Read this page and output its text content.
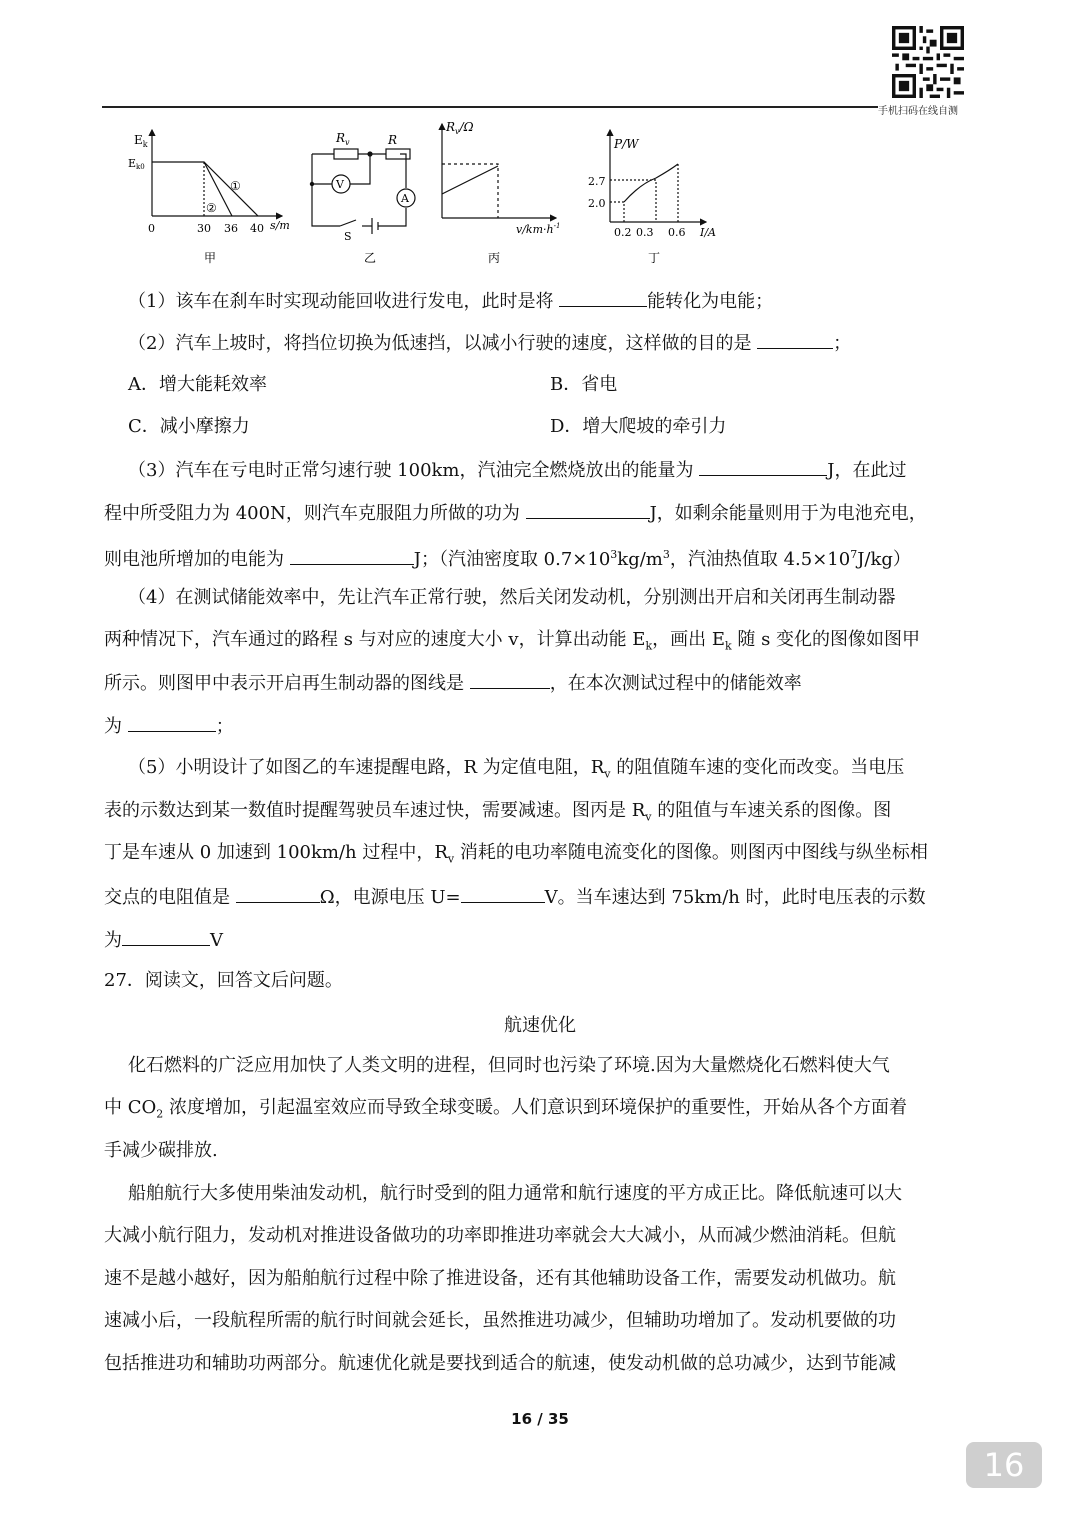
手机扫码在线自测
$E_k$
Ek0
0	30 36 40 s/m
①
②
甲
$R_v$	R
V
A
S
乙
$R_v/\Omega$
$v/km\cdot h^{-1}$
丙
P/W
2.7
2.0
0.2 0.3 0.6 I/A
丁
（1）该车在刹车时实现动能回收进行发电，此时是将	能转化为电能；
（2）汽车上坡时，将挡位切换为低速挡，以减小行驶的速度，这样做的目的是	；
A．增大能耗效率	B．省电
C．减小摩擦力	D．增大爬坡的牵引力
（3）汽车在亏电时正常匀速行驶 100km，汽油完全燃烧放出的能量为	J，在此过
程中所受阻力为 400N，则汽车克服阻力所做的功为	J，如剩余能量则用于为电池充电，
则电池所增加的电能为	J；（汽油密度取 $0.7\times 10^3kg/m^3$，汽油热值取 $4.5\times 10^7J/kg$）
（4）在测试储能效率中，先让汽车正常行驶，然后关闭发动机，分别测出开启和关闭再生制动器
两种情况下，汽车通过的路程 s 与对应的速度大小 v，计算出动能 $E_k$，画出 $E_k$ 随 s 变化的图像如图甲
所示。则图甲中表示开启再生制动器的图线是	，在本次测试过程中的储能效率
为	；
（5）小明设计了如图乙的车速提醒电路，R 为定值电阻，$R_v$ 的阻值随车速的变化而改变。当电压
表的示数达到某一数值时提醒驾驶员车速过快，需要减速。图丙是 $R_v$ 的阻值与车速关系的图像。图
丁是车速从 0 加速到 100km/h 过程中，$R_v$ 消耗的电功率随电流变化的图像。则图丙中图线与纵坐标相
交点的电阻值是	Ω，电源电压 U=	V。当车速达到 75km/h 时，此时电压表的示数
为	V
27．阅读文，回答文后问题。
航速优化
化石燃料的广泛应用加快了人类文明的进程，但同时也污染了环境.因为大量燃烧化石燃料使大气
中 $CO_2$ 浓度增加，引起温室效应而导致全球变暖。人们意识到环境保护的重要性，开始从各个方面着
手减少碳排放.
船舶航行大多使用柴油发动机，航行时受到的阻力通常和航行速度的平方成正比。降低航速可以大
大减小航行阻力，发动机对推进设备做功的功率即推进功率就会大大减小，从而减少燃油消耗。但航
速不是越小越好，因为船舶航行过程中除了推进设备，还有其他辅助设备工作，需要发动机做功。航
速减小后，一段航程所需的航行时间就会延长，虽然推进功减少，但辅助功增加了。发动机要做的功
包括推进功和辅助功两部分。航速优化就是要找到适合的航速，使发动机做的总功减少，达到节能减
16 / 35
16
